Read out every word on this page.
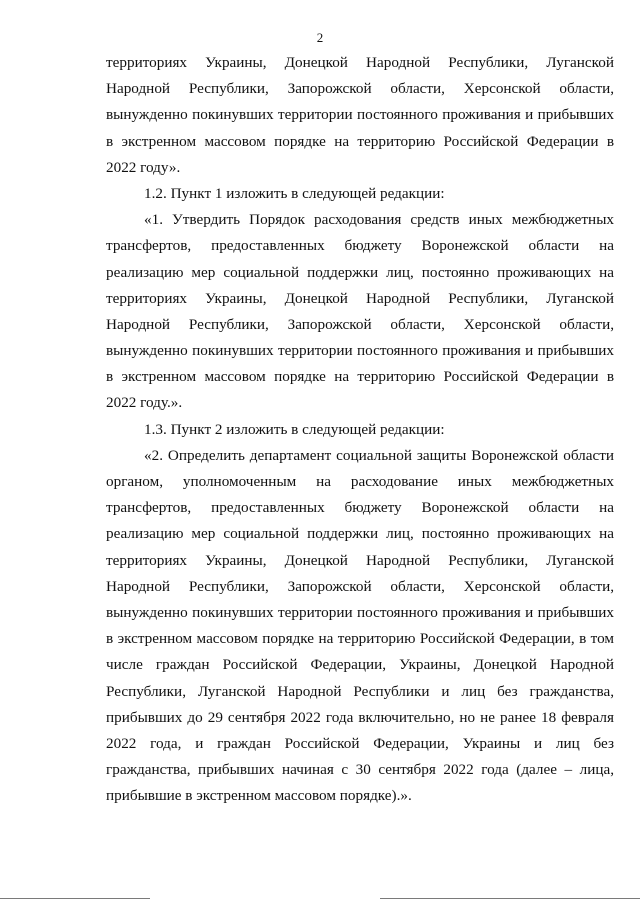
2
территориях Украины, Донецкой Народной Республики, Луганской
Народной Республики, Запорожской области, Херсонской области,
вынужденно покинувших территории постоянного проживания и прибывших
в экстренном массовом порядке на территорию Российской Федерации в
2022 году».
1.2. Пункт 1 изложить в следующей редакции:
«1. Утвердить Порядок расходования средств иных межбюджетных
трансфертов, предоставленных бюджету Воронежской области на
реализацию мер социальной поддержки лиц, постоянно проживающих на
территориях Украины, Донецкой Народной Республики, Луганской
Народной Республики, Запорожской области, Херсонской области,
вынужденно покинувших территории постоянного проживания и прибывших
в экстренном массовом порядке на территорию Российской Федерации в
2022 году.».
1.3. Пункт 2 изложить в следующей редакции:
«2. Определить департамент социальной защиты Воронежской области
органом, уполномоченным на расходование иных межбюджетных
трансфертов, предоставленных бюджету Воронежской области на
реализацию мер социальной поддержки лиц, постоянно проживающих на
территориях Украины, Донецкой Народной Республики, Луганской
Народной Республики, Запорожской области, Херсонской области,
вынужденно покинувших территории постоянного проживания и прибывших
в экстренном массовом порядке на территорию Российской Федерации, в том
числе граждан Российской Федерации, Украины, Донецкой Народной
Республики, Луганской Народной Республики и лиц без гражданства,
прибывших до 29 сентября 2022 года включительно, но не ранее 18 февраля
2022 года, и граждан Российской Федерации, Украины и лиц без
гражданства, прибывших начиная с 30 сентября 2022 года (далее – лица,
прибывшие в экстренном массовом порядке).».
